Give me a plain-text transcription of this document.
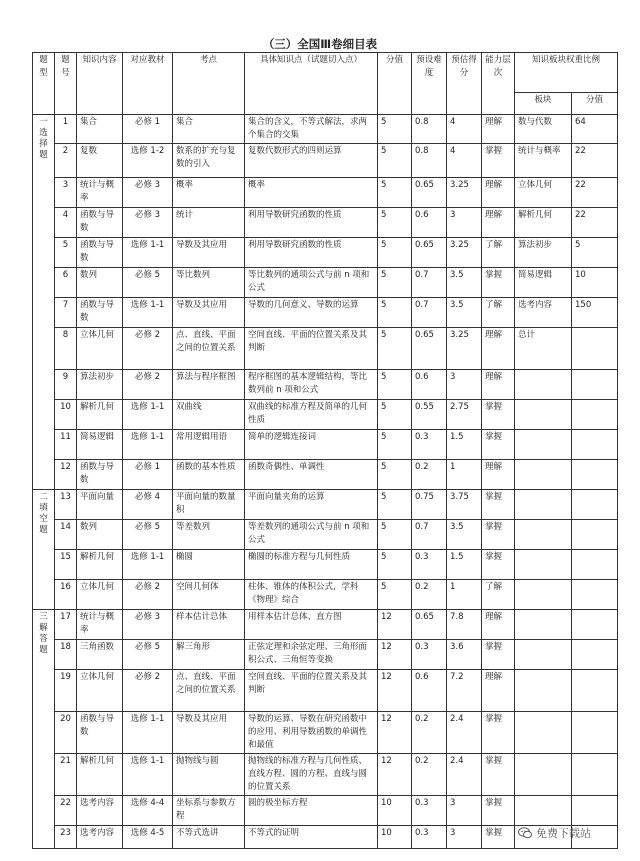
（三）全国Ⅲ卷细目表
题型	题号	知识内容	对应教材	考点	具体知识点（试题切入点）	分值	预设难度	预估得分	能力层次	知识板块权重比例	
										板块	分值

一选择题	1	集合	必修 1	集合	集合的含义，不等式解法，求两个集合的交集	5	0.8	4	理解	数与代数	64
	2	复数	选修 1-2	数系的扩充与复数的引入	复数代数形式的四则运算	5	0.8	4	掌握	统计与概率	22
	3	统计与概率	必修 3	概率	概率	5	0.65	3.25	理解	立体几何	22
	4	函数与导数	必修 3	统计	利用导数研究函数的性质	5	0.6	3	理解	解析几何	22
	5	函数与导数	选修 1-1	导数及其应用	利用导数研究函数的性质	5	0.65	3.25	了解	算法初步	5
	6	数列	必修 5	等比数列	等比数列的通项公式与前 n 项和公式	5	0.7	3.5	掌握	简易逻辑	10
	7	函数与导数	选修 1-1	导数及其应用	导数的几何意义、导数的运算	5	0.7	3.5	了解	选考内容	150
	8	立体几何	必修 2	点、直线、平面之间的位置关系	空间直线、平面的位置关系及其判断	5	0.65	3.25	理解	总计	
	9	算法初步	必修 2	算法与程序框图	程序框图的基本逻辑结构，等比数列前 n 项和公式	5	0.6	3	理解		
	10	解析几何	选修 1-1	双曲线	双曲线的标准方程及简单的几何性质	5	0.55	2.75	掌握		
	11	简易逻辑	选修 1-1	常用逻辑用语	简单的逻辑连接词	5	0.3	1.5	掌握		
	12	函数与导数	必修 1	函数的基本性质	函数奇偶性、单调性	5	0.2	1	理解		

二填空题	13	平面向量	必修 4	平面向量的数量积	平面向量夹角的运算	5	0.75	3.75	掌握		
	14	数列	必修 5	等差数列	等差数列的通项公式与前 n 项和公式	5	0.7	3.5	掌握		
	15	解析几何	选修 1-1	椭圆	椭圆的标准方程与几何性质	5	0.3	1.5	掌握		
	16	立体几何	必修 2	空间几何体	柱体、锥体的体积公式，学科《物理》综合	5	0.2	1	了解		

三解答题	17	统计与概率	必修 3	样本估计总体	用样本估计总体、直方图	12	0.65	7.8	理解		
	18	三角函数	必修 5	解三角形	正弦定理和余弦定理、三角形面积公式、三角恒等变换	12	0.3	3.6	掌握		
	19	立体几何	必修 2	点、直线、平面之间的位置关系	空间直线、平面的位置关系及其判断	12	0.6	7.2	理解		
	20	函数与导数	选修 1-1	导数及其应用	导数的运算、导数在研究函数中的应用、利用导数函数的单调性和最值	12	0.2	2.4	掌握		
	21	解析几何	选修 1-1	抛物线与圆	抛物线的标准方程与几何性质、直线方程、圆的方程、直线与圆的位置关系	12	0.2	2.4	掌握		
	22	选考内容	选修 4-4	坐标系与参数方程	圆的极坐标方程	10	0.3	3	掌握		
	23	选考内容	选修 4-5	不等式选讲	不等式的证明	10	0.3	3	掌握			免费下载站
